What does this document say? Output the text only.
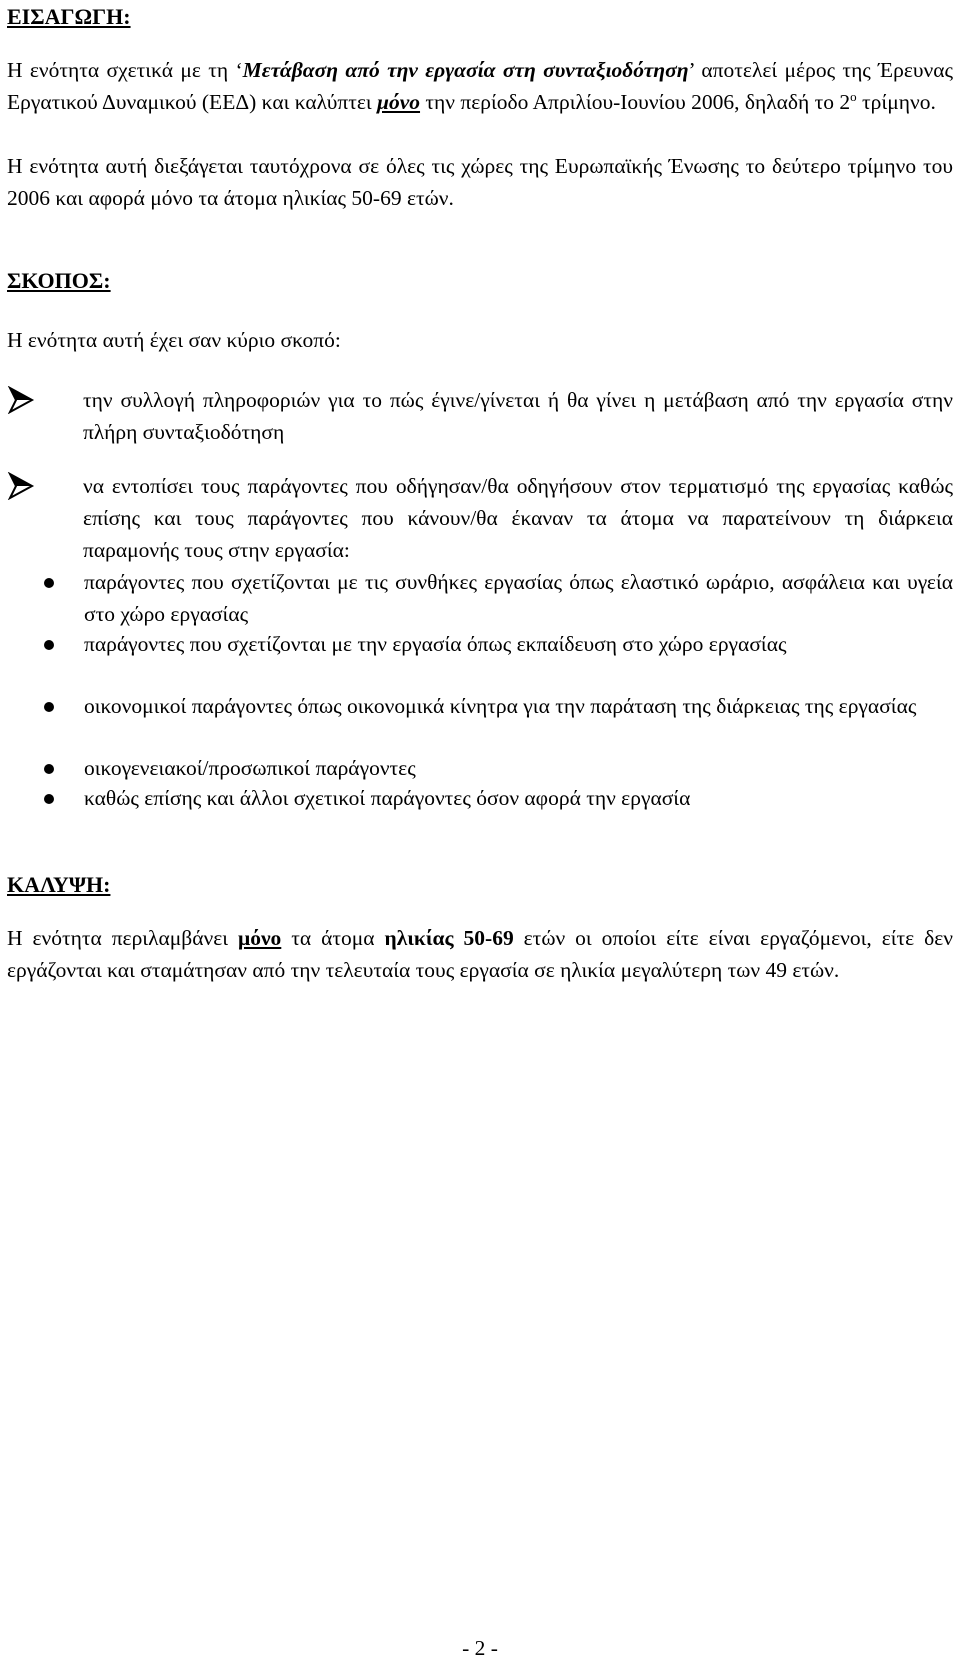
ΕΙΣΑΓΩΓΗ:

Η ενότητα σχετικά με τη ‘Μετάβαση από την εργασία στη συνταξιοδότηση’ αποτελεί μέρος της Έρευνας Εργατικού Δυναμικού (ΕΕΔ) και καλύπτει μόνο την περίοδο Απριλίου-Ιουνίου 2006, δηλαδή το $2^o$ τρίμηνο.

Η ενότητα αυτή διεξάγεται ταυτόχρονα σε όλες τις χώρες της Ευρωπαϊκής Ένωσης το δεύτερο τρίμηνο του 2006 και αφορά μόνο τα άτομα ηλικίας 50-69 ετών.

ΣΚΟΠΟΣ:

Η ενότητα αυτή έχει σαν κύριο σκοπό:

την συλλογή πληροφοριών για το πώς έγινε/γίνεται ή θα γίνει η μετάβαση από την εργασία στην πλήρη συνταξιοδότηση
να εντοπίσει τους παράγοντες που οδήγησαν/θα οδηγήσουν στον τερματισμό της εργασίας καθώς επίσης και τους παράγοντες που κάνουν/θα έκαναν τα άτομα να παρατείνουν τη διάρκεια παραμονής τους στην εργασία:
παράγοντες που σχετίζονται με τις συνθήκες εργασίας όπως ελαστικό ωράριο, ασφάλεια και υγεία στο χώρο εργασίας
παράγοντες που σχετίζονται με την εργασία όπως εκπαίδευση στο χώρο εργασίας
οικονομικοί παράγοντες όπως οικονομικά κίνητρα για την παράταση της διάρκειας της εργασίας
οικογενειακοί/προσωπικοί παράγοντες
καθώς επίσης και άλλοι σχετικοί παράγοντες όσον αφορά την εργασία
ΚΑΛΥΨΗ:

Η ενότητα περιλαμβάνει μόνο τα άτομα ηλικίας 50-69 ετών οι οποίοι είτε είναι εργαζόμενοι, είτε δεν εργάζονται και σταμάτησαν από την τελευταία τους εργασία σε ηλικία μεγαλύτερη των 49 ετών.

- 2 -
